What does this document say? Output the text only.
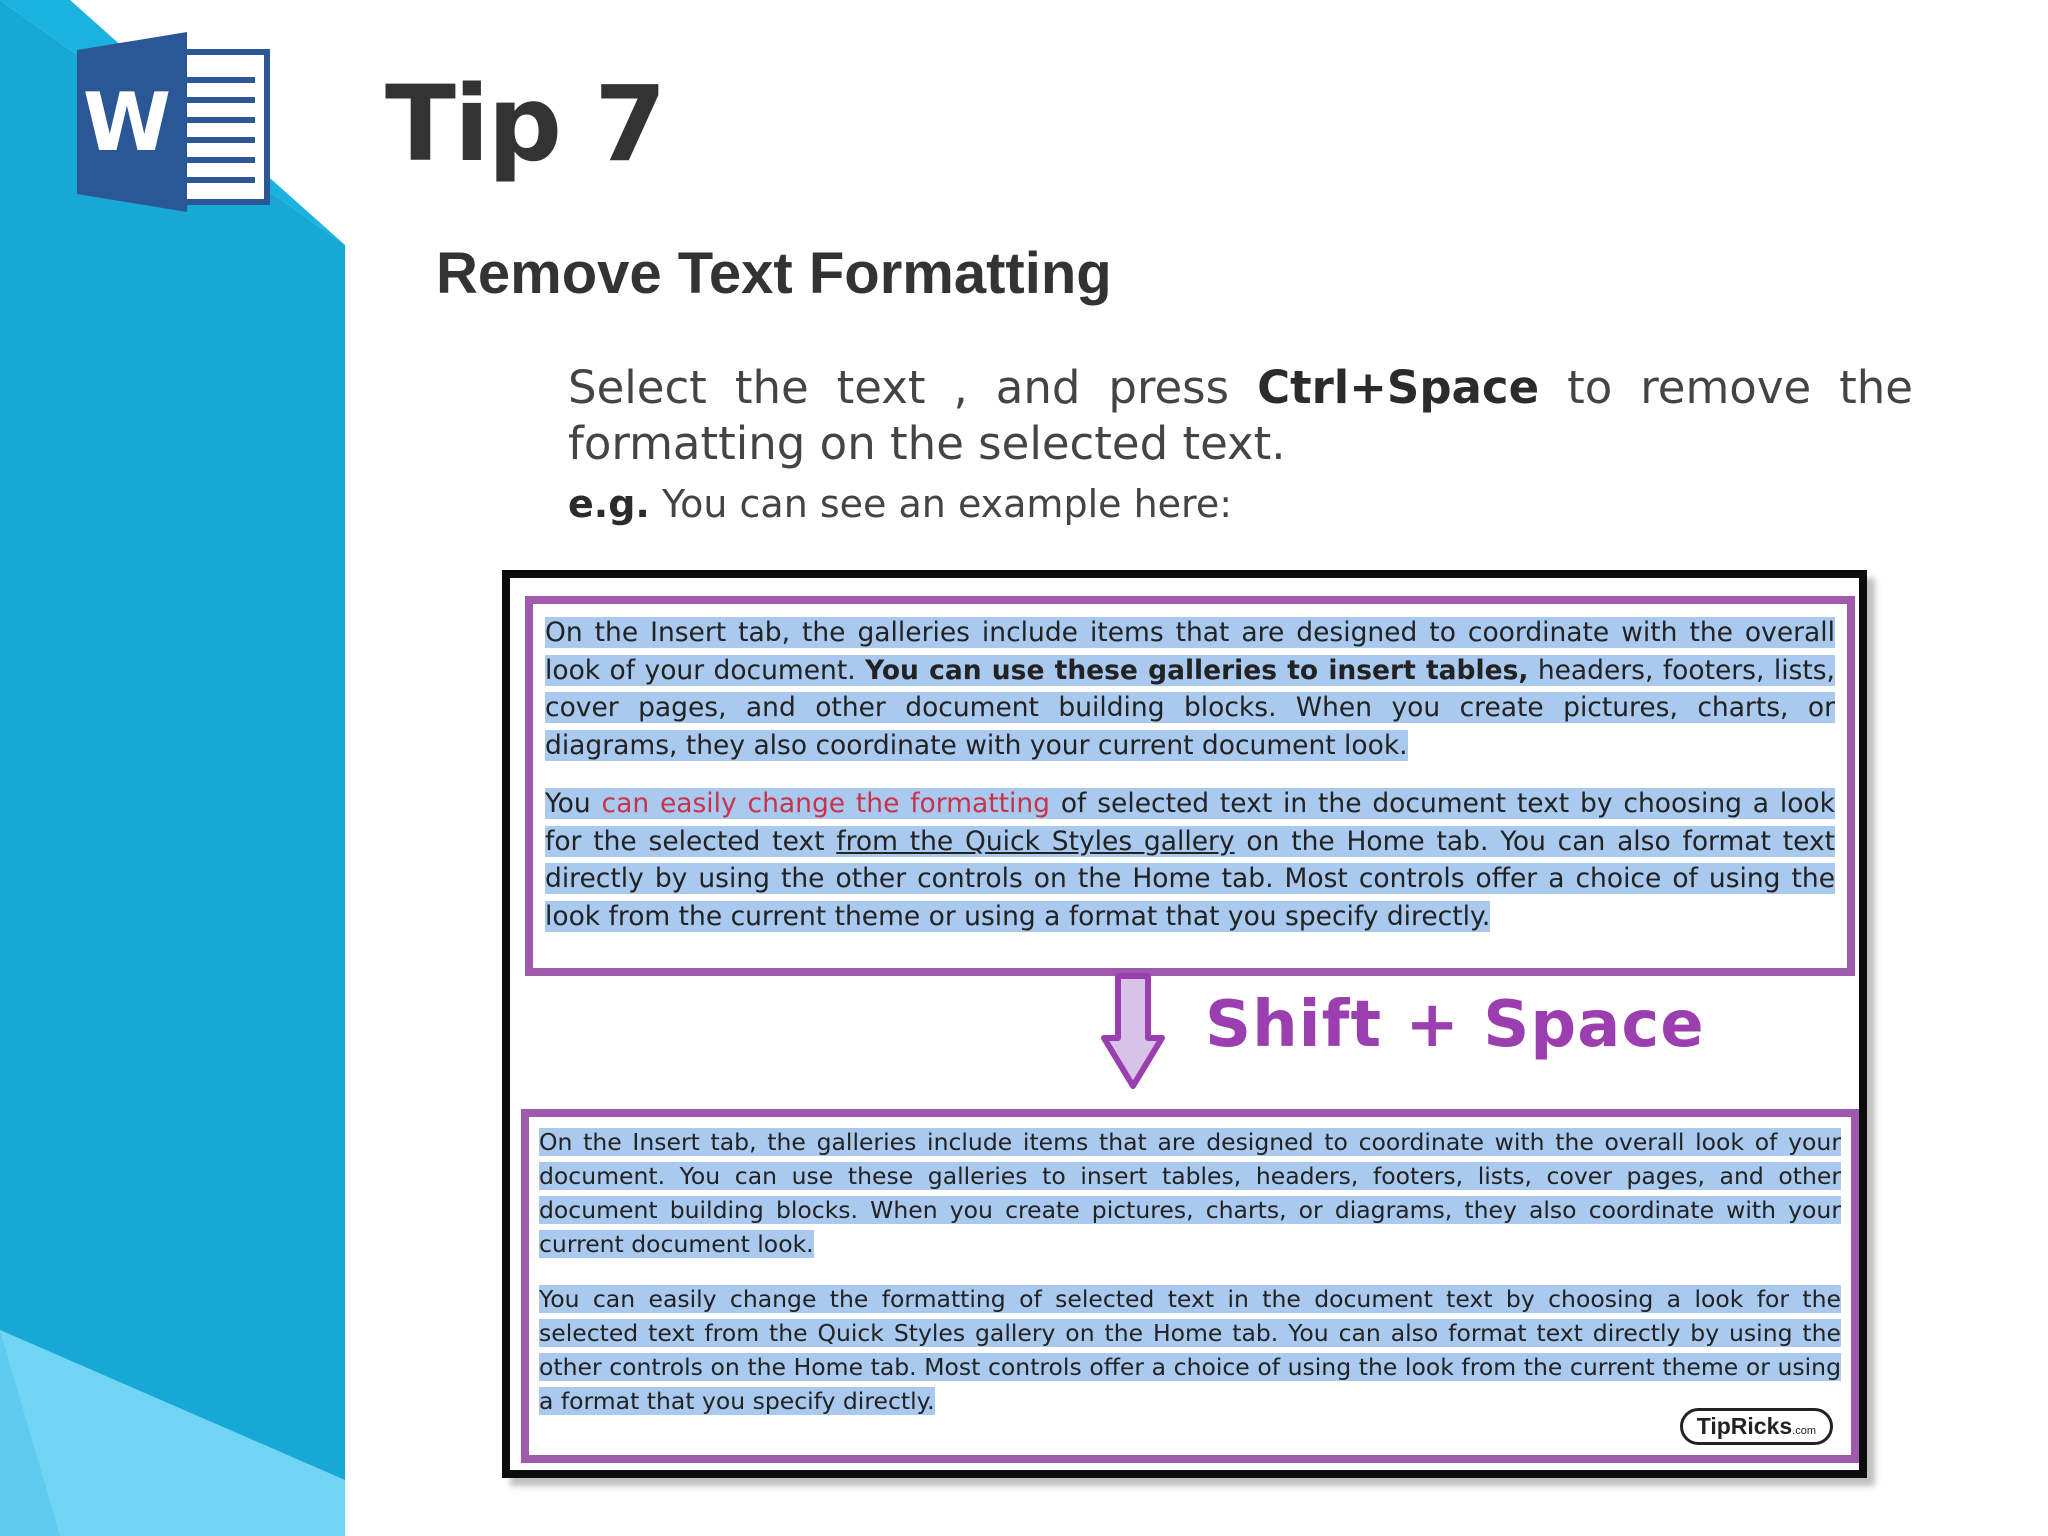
W Tip 7
Remove Text Formatting
Select the text , and press Ctrl+Space to remove the formatting on the selected text.
e.g. You can see an example here:

On the Insert tab, the galleries include items that are designed to coordinate with the overall look of your document. You can use these galleries to insert tables, headers, footers, lists, cover pages, and other document building blocks. When you create pictures, charts, or diagrams, they also coordinate with your current document look.

You can easily change the formatting of selected text in the document text by choosing a look for the selected text from the Quick Styles gallery on the Home tab. You can also format text directly by using the other controls on the Home tab. Most controls offer a choice of using the look from the current theme or using a format that you specify directly.

Shift + Space

On the Insert tab, the galleries include items that are designed to coordinate with the overall look of your document. You can use these galleries to insert tables, headers, footers, lists, cover pages, and other document building blocks. When you create pictures, charts, or diagrams, they also coordinate with your current document look.

You can easily change the formatting of selected text in the document text by choosing a look for the selected text from the Quick Styles gallery on the Home tab. You can also format text directly by using the other controls on the Home tab. Most controls offer a choice of using the look from the current theme or using a format that you specify directly.

TipRicks.com
